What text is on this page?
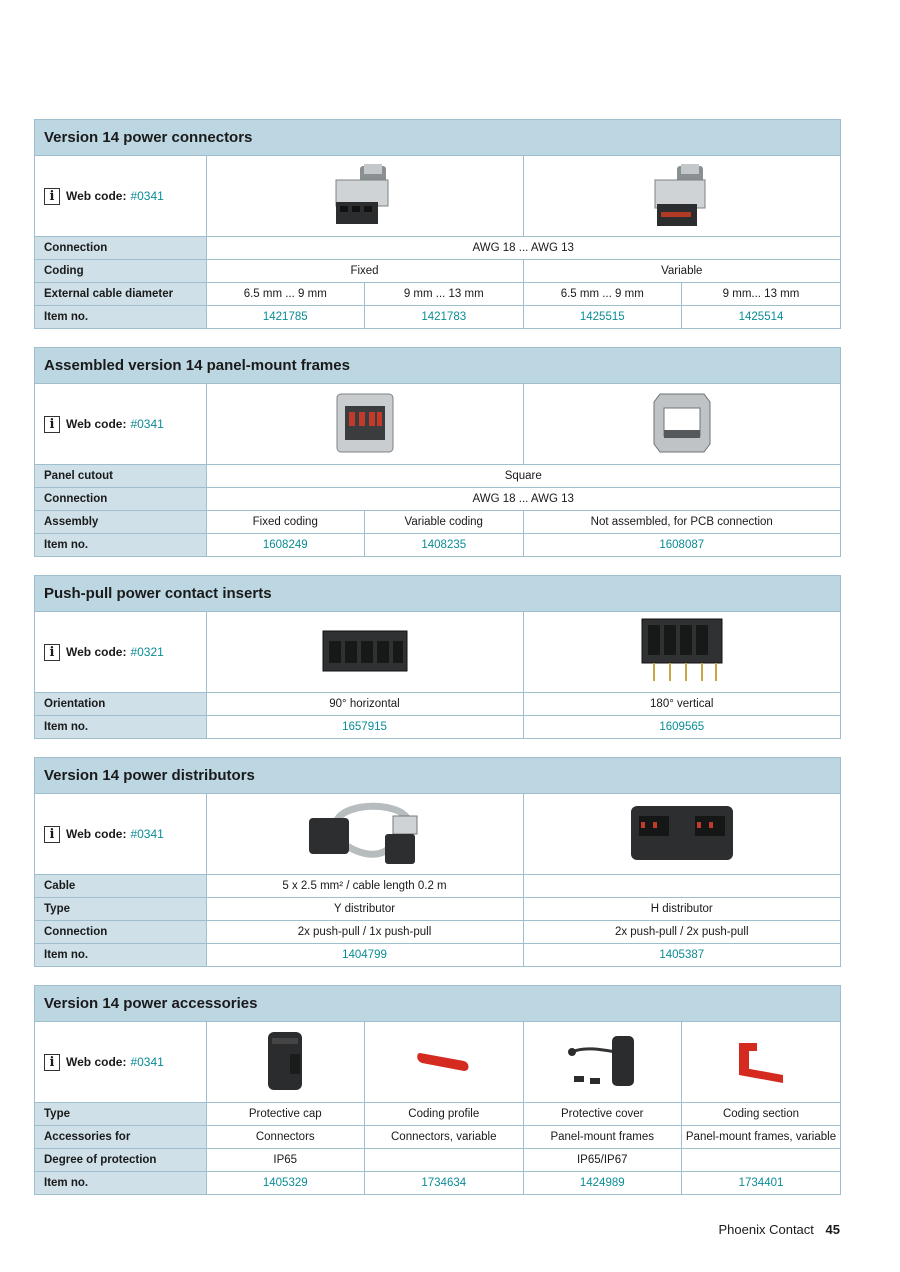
Version 14 power connectors
i Web code: #0341

Connection	AWG 18 ... AWG 13			
Coding	Fixed		Variable	
External cable diameter	6.5 mm ... 9 mm	9 mm ... 13 mm	6.5 mm ... 9 mm	9 mm... 13 mm
Item no.	1421785	1421783	1425515	1425514
Assembled version 14 panel-mount frames
i Web code: #0341

Panel cutout	Square		
Connection	AWG 18 ... AWG 13		
Assembly	Fixed coding	Variable coding	Not assembled, for PCB connection
Item no.	1608249	1408235	1608087
Push-pull power contact inserts
i Web code: #0321

Orientation	90° horizontal	180° vertical
Item no.	1657915	1609565
Version 14 power distributors
i Web code: #0341

Cable	5 x 2.5 mm² / cable length 0.2 m	
Type	Y distributor	H distributor
Connection	2x push-pull / 1x push-pull	2x push-pull / 2x push-pull
Item no.	1404799	1405387
Version 14 power accessories
i Web code: #0341

Type	Protective cap	Coding profile	Protective cover	Coding section
Accessories for	Connectors	Connectors, variable	Panel-mount frames	Panel-mount frames, variable
Degree of protection	IP65		IP65/IP67	
Item no.	1405329	1734634	1424989	1734401
Phoenix Contact 45
